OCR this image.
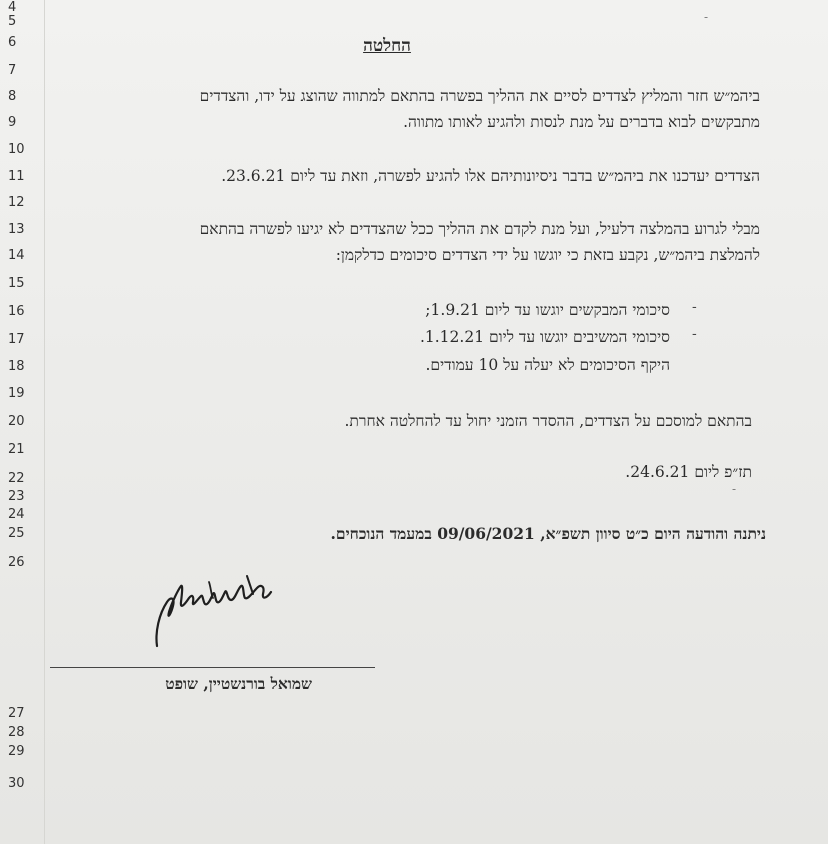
4
5
6
7
8
9
10
11
12
13
14
15
16
17
18
19
20
21
22
23
24
25
26
27
28
29
30
‐
‐
החלטה
ביהמ״ש חזר והמליץ לצדדים לסיים את ההליך בפשרה בהתאם למתווה שהוצג על ידו, והצדדים
מתבקשים לבוא בדברים על מנת לנסות ולהגיע לאותו מתווה.
הצדדים יעדכנו את ביהמ״ש בדבר ניסיונותיהם אלו להגיע לפשרה, וזאת עד ליום 23.6.21.
מבלי לגרוע בהמלצה דלעיל, ועל מנת לקדם את ההליך ככל שהצדדים לא יגיעו לפשרה בהתאם
להמלצת ביהמ״ש, נקבע בזאת כי יוגשו על ידי הצדדים סיכומים כדלקמן:
-
סיכומי המבקשים יוגשו עד ליום 1.9.21;
-
סיכומי המשיבים יוגשו עד ליום 1.12.21.
היקף הסיכומים לא יעלה על 10 עמודים.
בהתאם למוסכם על הצדדים, ההסדר הזמני יחול עד להחלטה אחרת.
תז״פ ליום 24.6.21.
ניתנה והודעה היום כ״ט סיוון תשפ״א, 09/06/2021 במעמד הנוכחים.
שמואל בורנשטיין, שופט
